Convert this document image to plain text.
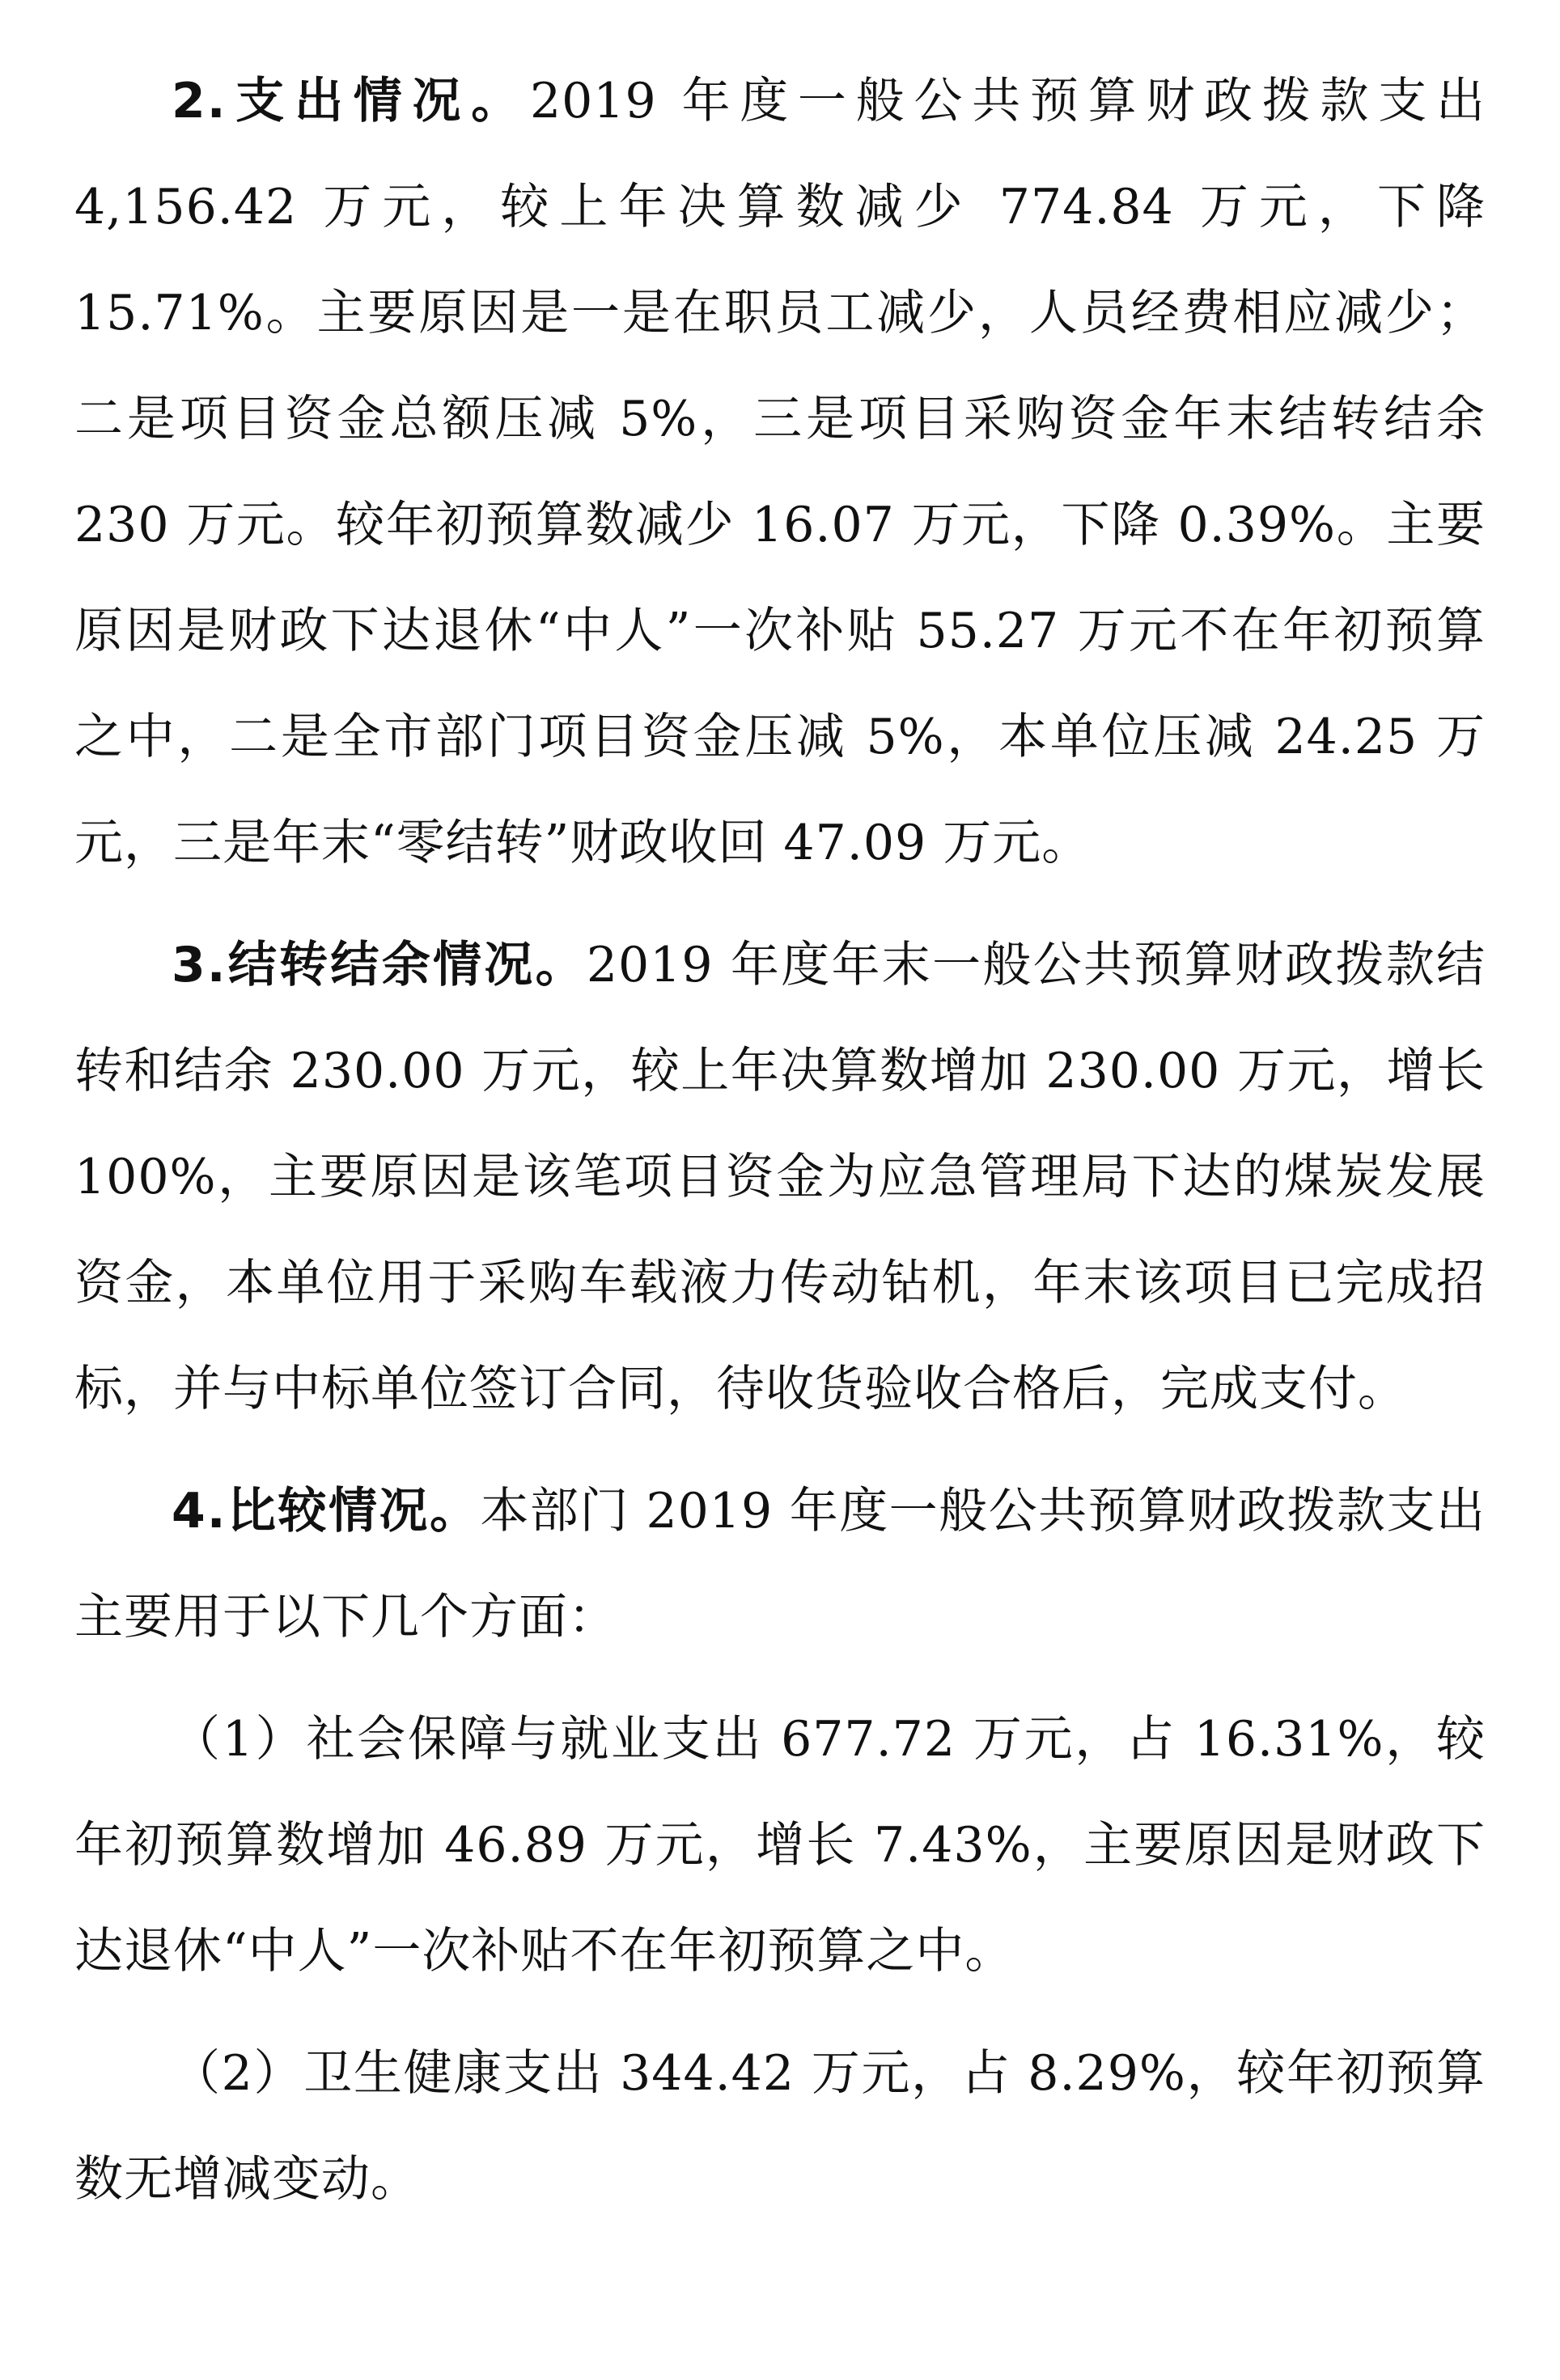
2.支出情况。2019 年度一般公共预算财政拨款支出 4,156.42 万元，较上年决算数减少 774.84 万元，下降 15.71%。主要原因是一是在职员工减少，人员经费相应减少；二是项目资金总额压减 5%，三是项目采购资金年末结转结余 230 万元。较年初预算数减少 16.07 万元，下降 0.39%。主要原因是财政下达退休“中人”一次补贴 55.27 万元不在年初预算之中，二是全市部门项目资金压减 5%，本单位压减 24.25 万元，三是年末“零结转”财政收回 47.09 万元。

3.结转结余情况。2019 年度年末一般公共预算财政拨款结转和结余 230.00 万元，较上年决算数增加 230.00 万元，增长 100%，主要原因是该笔项目资金为应急管理局下达的煤炭发展资金，本单位用于采购车载液力传动钻机，年末该项目已完成招标，并与中标单位签订合同，待收货验收合格后，完成支付。

4.比较情况。本部门 2019 年度一般公共预算财政拨款支出主要用于以下几个方面：

（1）社会保障与就业支出 677.72 万元，占 16.31%，较年初预算数增加 46.89 万元，增长 7.43%，主要原因是财政下达退休“中人”一次补贴不在年初预算之中。

（2）卫生健康支出 344.42 万元，占 8.29%，较年初预算数无增减变动。
